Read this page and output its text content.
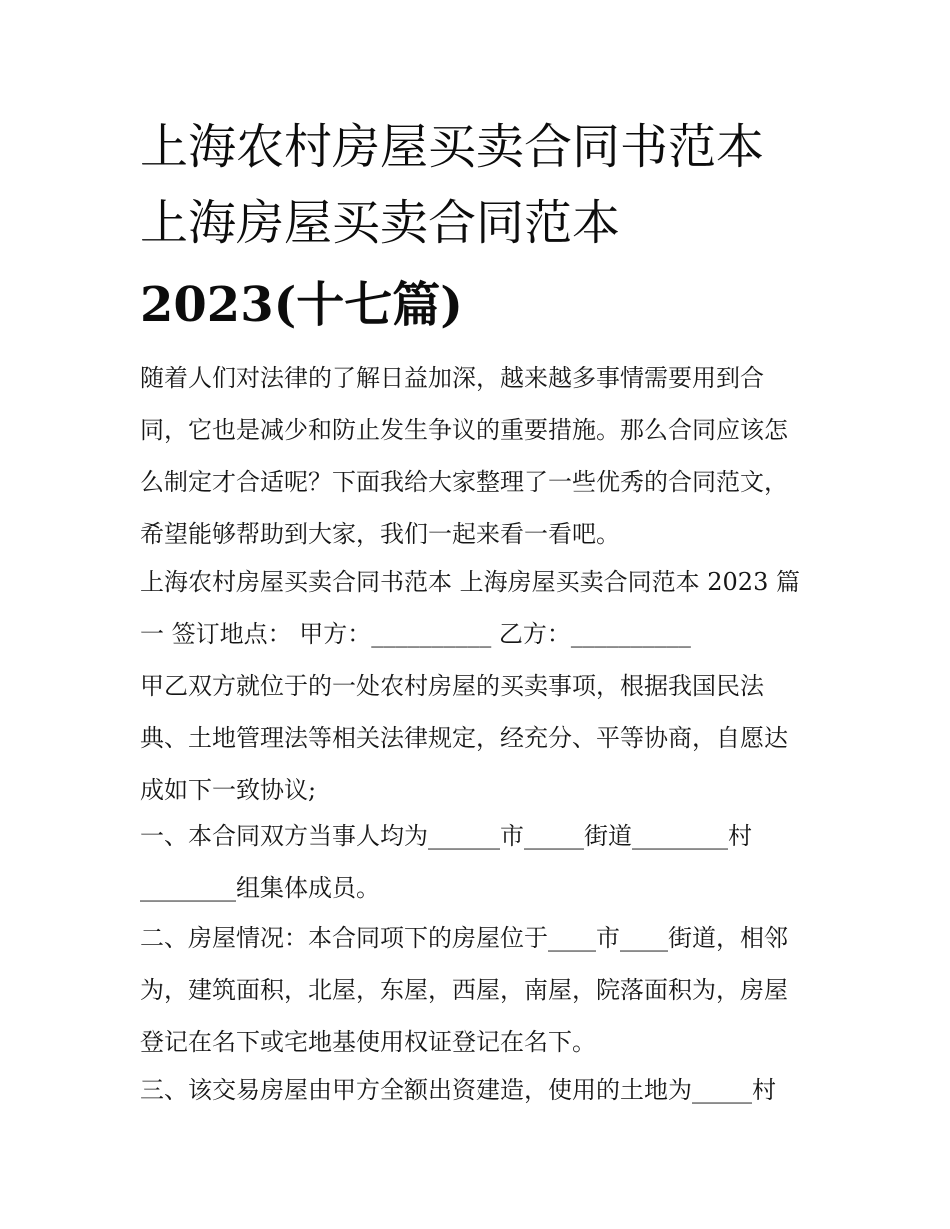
上海农村房屋买卖合同书范本
上海房屋买卖合同范本
2023(十七篇)
随着人们对法律的了解日益加深，越来越多事情需要用到合
同，它也是减少和防止发生争议的重要措施。那么合同应该怎
么制定才合适呢？下面我给大家整理了一些优秀的合同范文，
希望能够帮助到大家，我们一起来看一看吧。
上海农村房屋买卖合同书范本 上海房屋买卖合同范本 2023 篇
一 签订地点： 甲方：__________ 乙方：__________
甲乙双方就位于的一处农村房屋的买卖事项，根据我国民法
典、土地管理法等相关法律规定，经充分、平等协商，自愿达
成如下一致协议;
一、本合同双方当事人均为______市_____街道________村
________组集体成员。
二、房屋情况：本合同项下的房屋位于____市____街道，相邻
为，建筑面积，北屋，东屋，西屋，南屋，院落面积为，房屋
登记在名下或宅地基使用权证登记在名下。
三、该交易房屋由甲方全额出资建造，使用的土地为_____村
